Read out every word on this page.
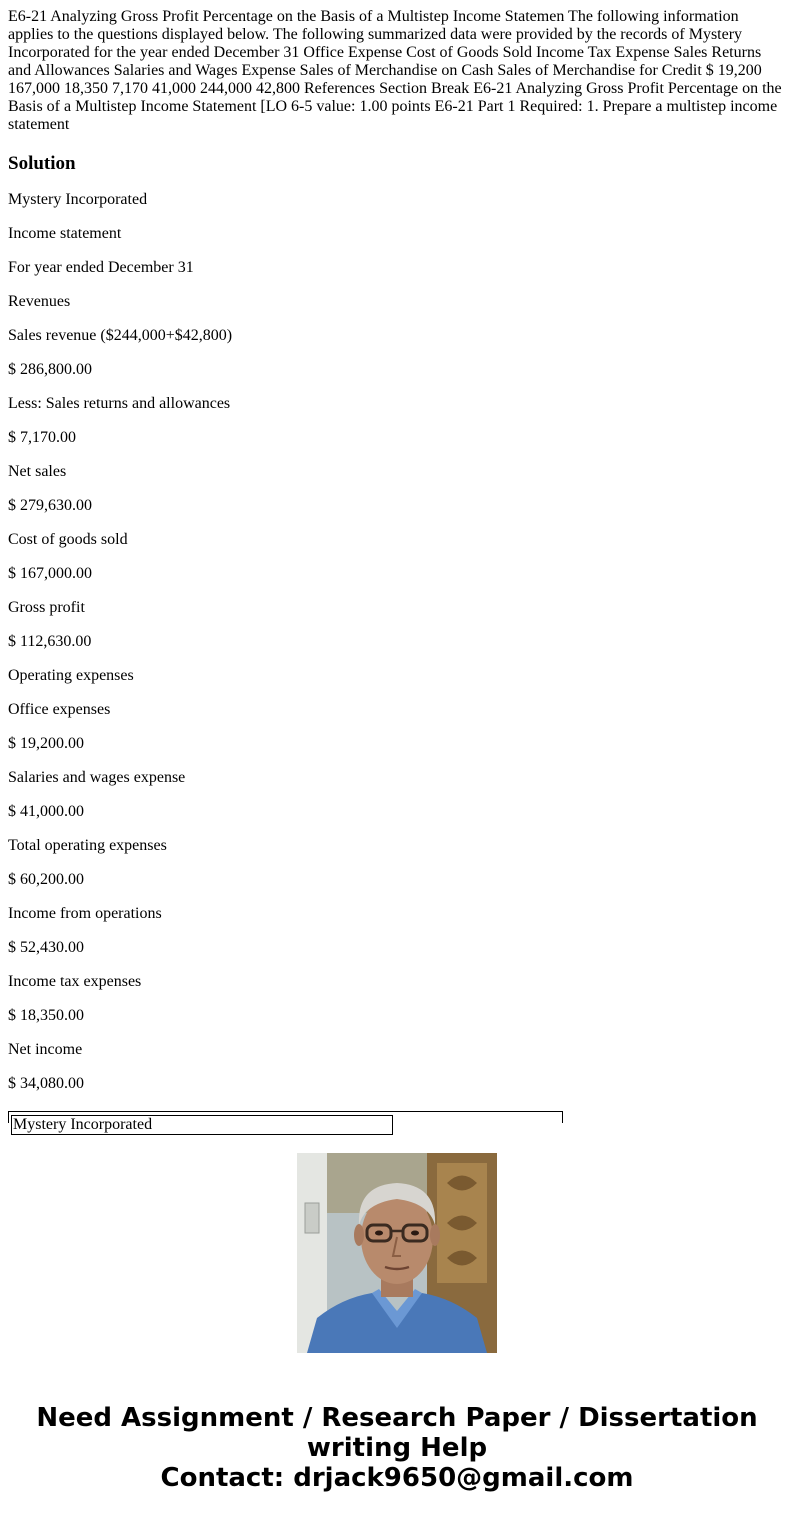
E6-21 Analyzing Gross Profit Percentage on the Basis of a Multistep Income Statemen The following information applies to the questions displayed below. The following summarized data were provided by the records of Mystery Incorporated for the year ended December 31 Office Expense Cost of Goods Sold Income Tax Expense Sales Returns and Allowances Salaries and Wages Expense Sales of Merchandise on Cash Sales of Merchandise for Credit $ 19,200 167,000 18,350 7,170 41,000 244,000 42,800 References Section Break E6-21 Analyzing Gross Profit Percentage on the Basis of a Multistep Income Statement [LO 6-5 value: 1.00 points E6-21 Part 1 Required: 1. Prepare a multistep income statement

Solution

Mystery Incorporated

Income statement

For year ended December 31

Revenues

Sales revenue ($244,000+$42,800)

$ 286,800.00

Less: Sales returns and allowances

$ 7,170.00

Net sales

$ 279,630.00

Cost of goods sold

$ 167,000.00

Gross profit

$ 112,630.00

Operating expenses

Office expenses

$ 19,200.00

Salaries and wages expense

$ 41,000.00

Total operating expenses

$ 60,200.00

Income from operations

$ 52,430.00

Income tax expenses

$ 18,350.00

Net income

$ 34,080.00

Mystery Incorporated
Need Assignment / Research Paper / Dissertation
writing Help
Contact: drjack9650@gmail.com
